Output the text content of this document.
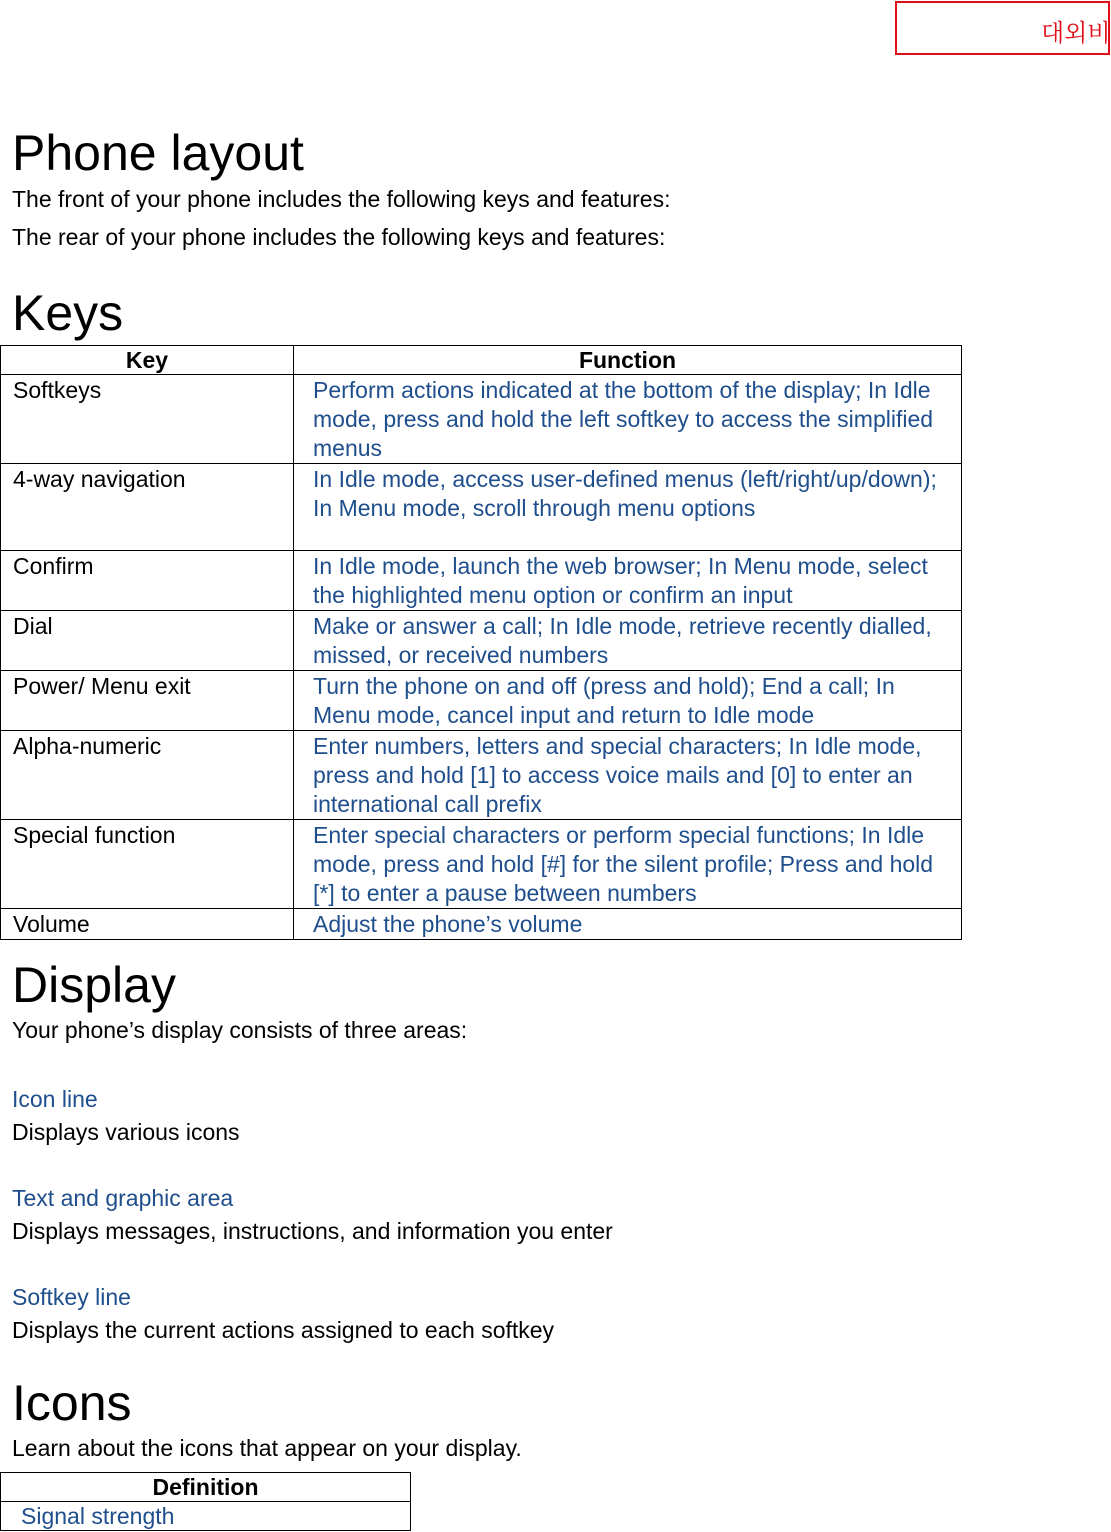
대외비
Phone layout

The front of your phone includes the following keys and features:

The rear of your phone includes the following keys and features:

Keys
Key	Function
Softkeys	Perform actions indicated at the bottom of the display; In Idle mode, press and hold the left softkey to access the simplified menus
4-way navigation	In Idle mode, access user-defined menus (left/right/up/down); In Menu mode, scroll through menu options
Confirm	In Idle mode, launch the web browser; In Menu mode, select the highlighted menu option or confirm an input
Dial	Make or answer a call; In Idle mode, retrieve recently dialled, missed, or received numbers
Power/ Menu exit	Turn the phone on and off (press and hold); End a call; In Menu mode, cancel input and return to Idle mode
Alpha-numeric	Enter numbers, letters and special characters; In Idle mode, press and hold [1] to access voice mails and [0] to enter an international call prefix
Special function	Enter special characters or perform special functions; In Idle mode, press and hold [#] for the silent profile; Press and hold [*] to enter a pause between numbers
Volume	Adjust the phone’s volume
Display

Your phone’s display consists of three areas:

Icon line

Displays various icons

Text and graphic area

Displays messages, instructions, and information you enter

Softkey line

Displays the current actions assigned to each softkey

Icons

Learn about the icons that appear on your display.

Definition
Signal strength
